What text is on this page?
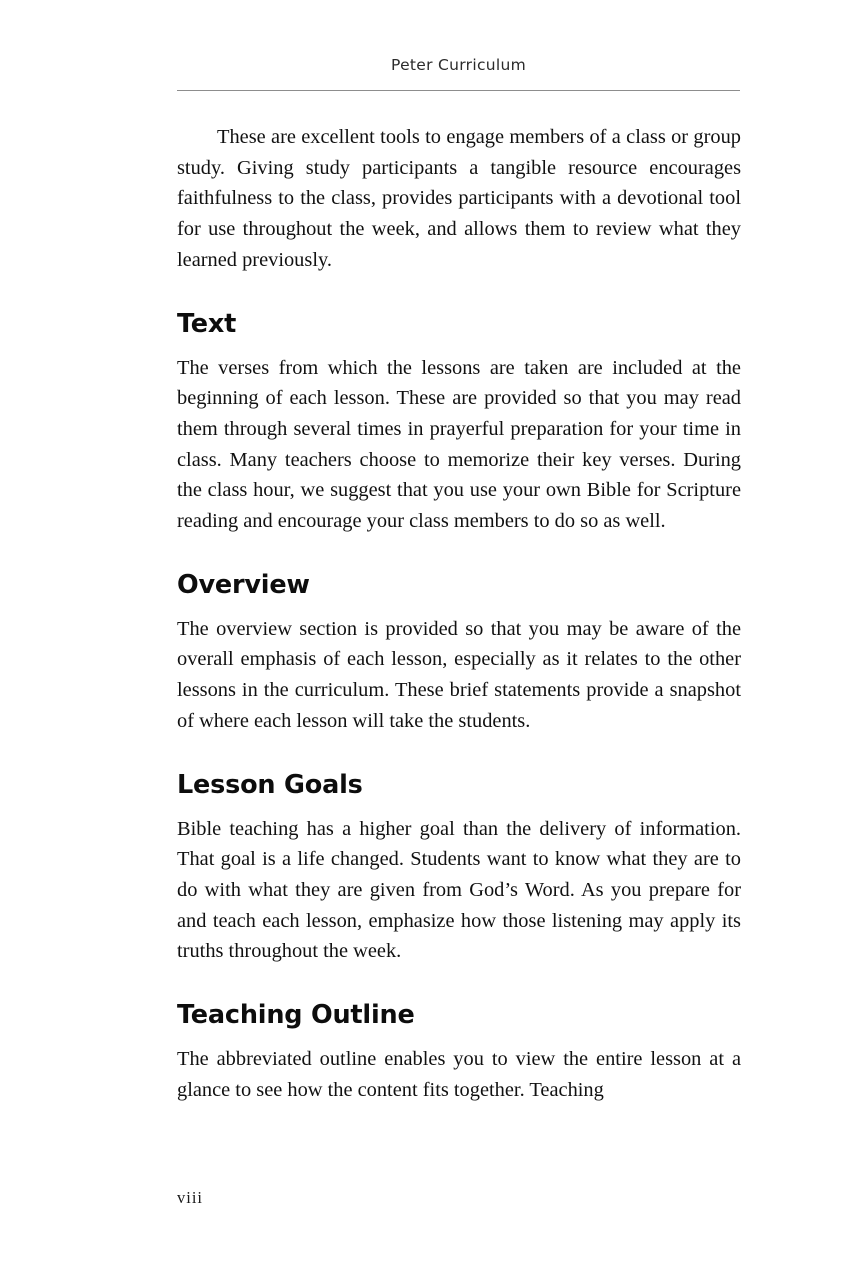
Peter Curriculum

These are excellent tools to engage members of a class or group study. Giving study participants a tangible resource encourages faithfulness to the class, provides participants with a devotional tool for use throughout the week, and allows them to review what they learned previously.

Text

The verses from which the lessons are taken are included at the beginning of each lesson. These are provided so that you may read them through several times in prayerful preparation for your time in class. Many teachers choose to memorize their key verses. During the class hour, we suggest that you use your own Bible for Scripture reading and encourage your class members to do so as well.

Overview

The overview section is provided so that you may be aware of the overall emphasis of each lesson, especially as it relates to the other lessons in the curriculum. These brief statements provide a snapshot of where each lesson will take the students.

Lesson Goals

Bible teaching has a higher goal than the delivery of information. That goal is a life changed. Students want to know what they are to do with what they are given from God’s Word. As you prepare for and teach each lesson, emphasize how those listening may apply its truths throughout the week.

Teaching Outline

The abbreviated outline enables you to view the entire lesson at a glance to see how the content fits together. Teaching

viii
